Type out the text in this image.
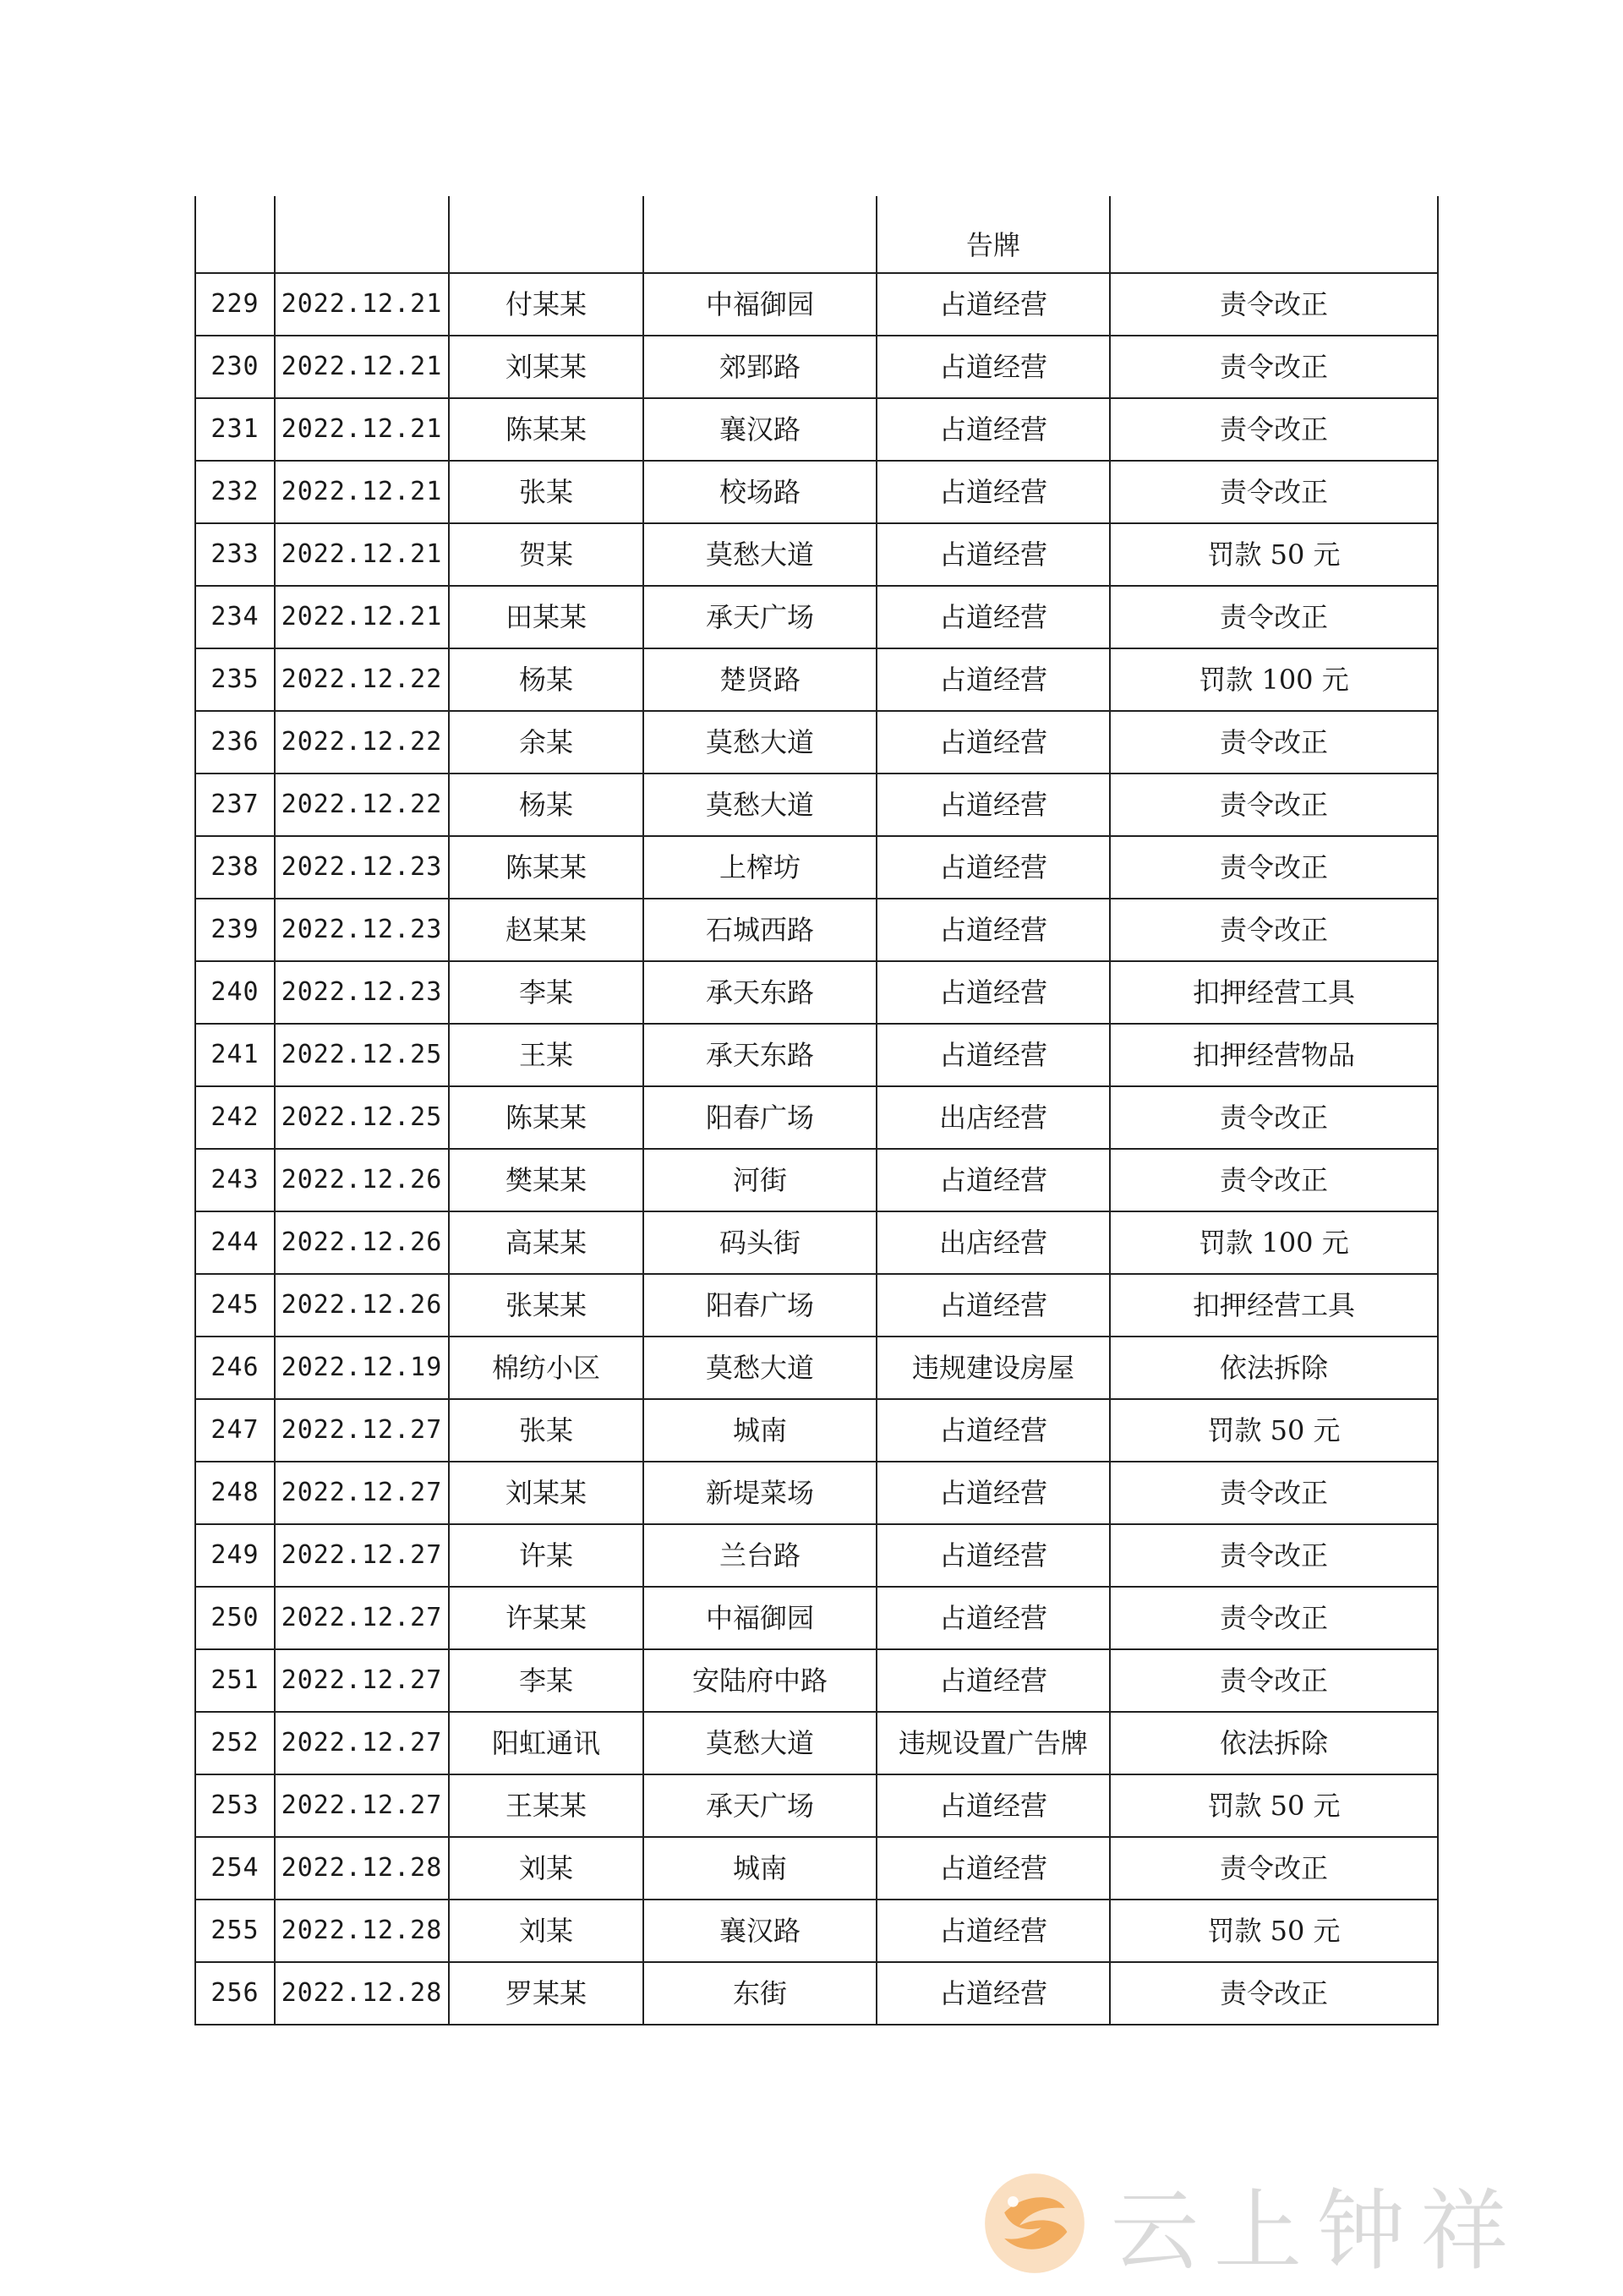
				告牌	
229	2022.12.21	付某某	中福御园	占道经营	责令改正
230	2022.12.21	刘某某	郊郢路	占道经营	责令改正
231	2022.12.21	陈某某	襄汉路	占道经营	责令改正
232	2022.12.21	张某	校场路	占道经营	责令改正
233	2022.12.21	贺某	莫愁大道	占道经营	罚款 50 元
234	2022.12.21	田某某	承天广场	占道经营	责令改正
235	2022.12.22	杨某	楚贤路	占道经营	罚款 100 元
236	2022.12.22	余某	莫愁大道	占道经营	责令改正
237	2022.12.22	杨某	莫愁大道	占道经营	责令改正
238	2022.12.23	陈某某	上榨坊	占道经营	责令改正
239	2022.12.23	赵某某	石城西路	占道经营	责令改正
240	2022.12.23	李某	承天东路	占道经营	扣押经营工具
241	2022.12.25	王某	承天东路	占道经营	扣押经营物品
242	2022.12.25	陈某某	阳春广场	出店经营	责令改正
243	2022.12.26	樊某某	河街	占道经营	责令改正
244	2022.12.26	高某某	码头街	出店经营	罚款 100 元
245	2022.12.26	张某某	阳春广场	占道经营	扣押经营工具
246	2022.12.19	棉纺小区	莫愁大道	违规建设房屋	依法拆除
247	2022.12.27	张某	城南	占道经营	罚款 50 元
248	2022.12.27	刘某某	新堤菜场	占道经营	责令改正
249	2022.12.27	许某	兰台路	占道经营	责令改正
250	2022.12.27	许某某	中福御园	占道经营	责令改正
251	2022.12.27	李某	安陆府中路	占道经营	责令改正
252	2022.12.27	阳虹通讯	莫愁大道	违规设置广告牌	依法拆除
253	2022.12.27	王某某	承天广场	占道经营	罚款 50 元
254	2022.12.28	刘某	城南	占道经营	责令改正
255	2022.12.28	刘某	襄汉路	占道经营	罚款 50 元
256	2022.12.28	罗某某	东街	占道经营	责令改正
云上钟祥
